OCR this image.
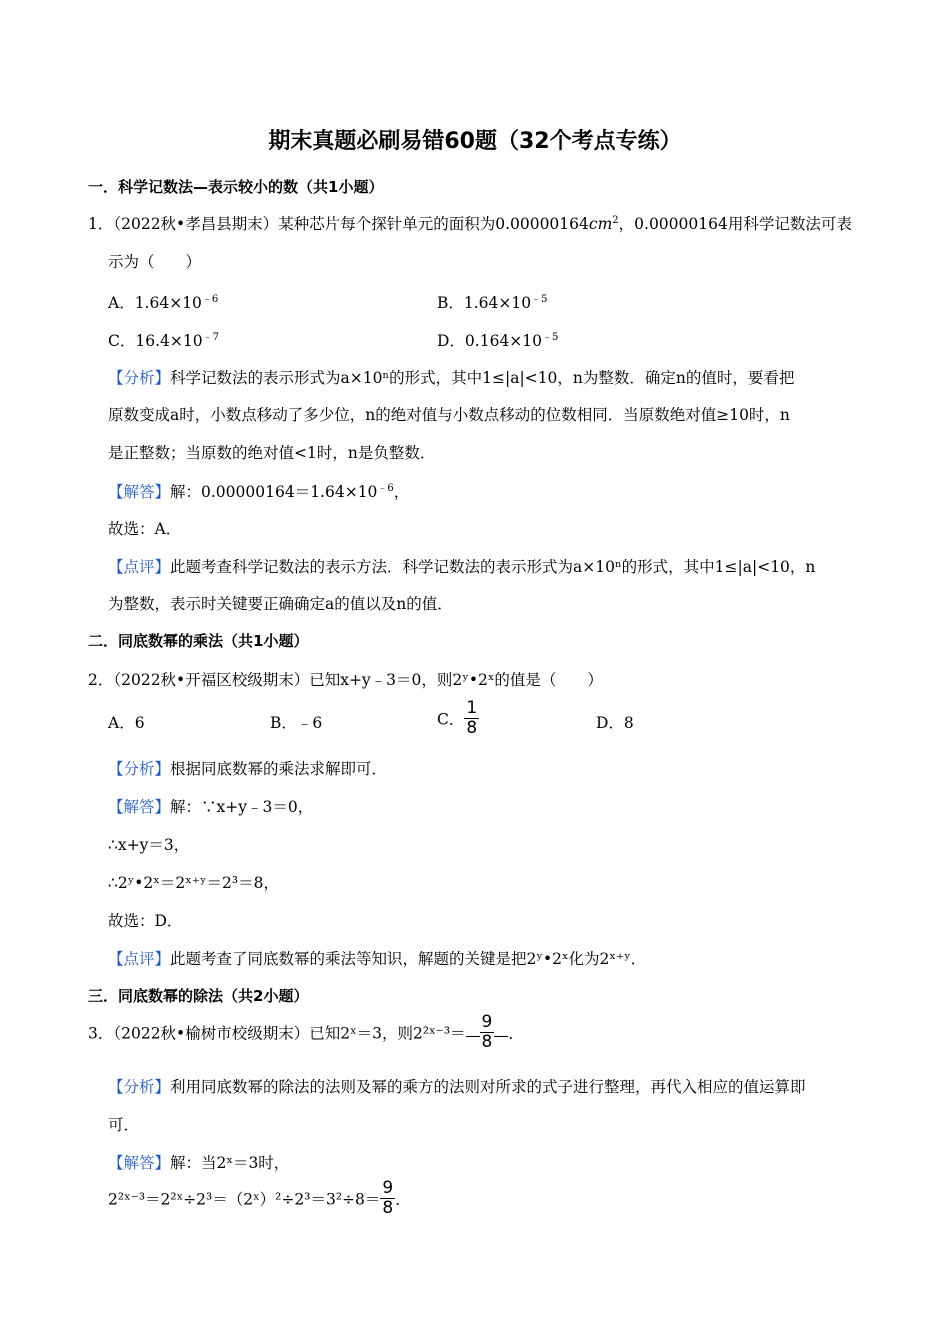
期末真题必刷易错60题（32个考点专练）
一．科学记数法—表示较小的数（共1小题）
1．（2022秋•孝昌县期末）某种芯片每个探针单元的面积为$0.00000164cm^2$，0.00000164用科学记数法可表
示为（　　）
A．$1.64\times 10^{﹣6}$	B．$1.64\times 10^{﹣5}$
C．$16.4\times 10^{﹣7}$	D．$0.164\times 10^{﹣5}$
【分析】科学记数法的表示形式为a×10ⁿ的形式，其中1≤|a|<10，n为整数．确定n的值时，要看把
原数变成a时，小数点移动了多少位，n的绝对值与小数点移动的位数相同．当原数绝对值≥10时，n
是正整数；当原数的绝对值<1时，n是负整数．
【解答】解：$0.00000164=1.64\times 10^{﹣6}$，
故选：A．
【点评】此题考查科学记数法的表示方法．科学记数法的表示形式为a×10ⁿ的形式，其中1≤|a|<10，n
为整数，表示时关键要正确确定a的值以及n的值．
二．同底数幂的乘法（共1小题）
2．（2022秋•开福区校级期末）已知x+y﹣3＝0，则2ʸ•2ˣ的值是（　　）
A．6	B．﹣6	C． $\frac{1}{8}$	D．8
【分析】根据同底数幂的乘法求解即可．
【解答】解：∵x+y﹣3＝0，
∴x+y＝3，
∴2ʸ•2ˣ＝2ˣ⁺ʸ＝2³＝8，
故选：D．
【点评】此题考查了同底数幂的乘法等知识，解题的关键是把2ʸ•2ˣ化为2ˣ⁺ʸ．
三．同底数幂的除法（共2小题）
3．（2022秋•榆树市校级期末）已知2ˣ＝3，则2²ˣ⁻³＝ $\frac{9}{8}$ ．
【分析】利用同底数幂的除法的法则及幂的乘方的法则对所求的式子进行整理，再代入相应的值运算即
可．
【解答】解：当2ˣ＝3时，
2²ˣ⁻³＝2²ˣ÷2³＝（2ˣ）²÷2³＝3²÷8＝ $\frac{9}{8}$ ．
